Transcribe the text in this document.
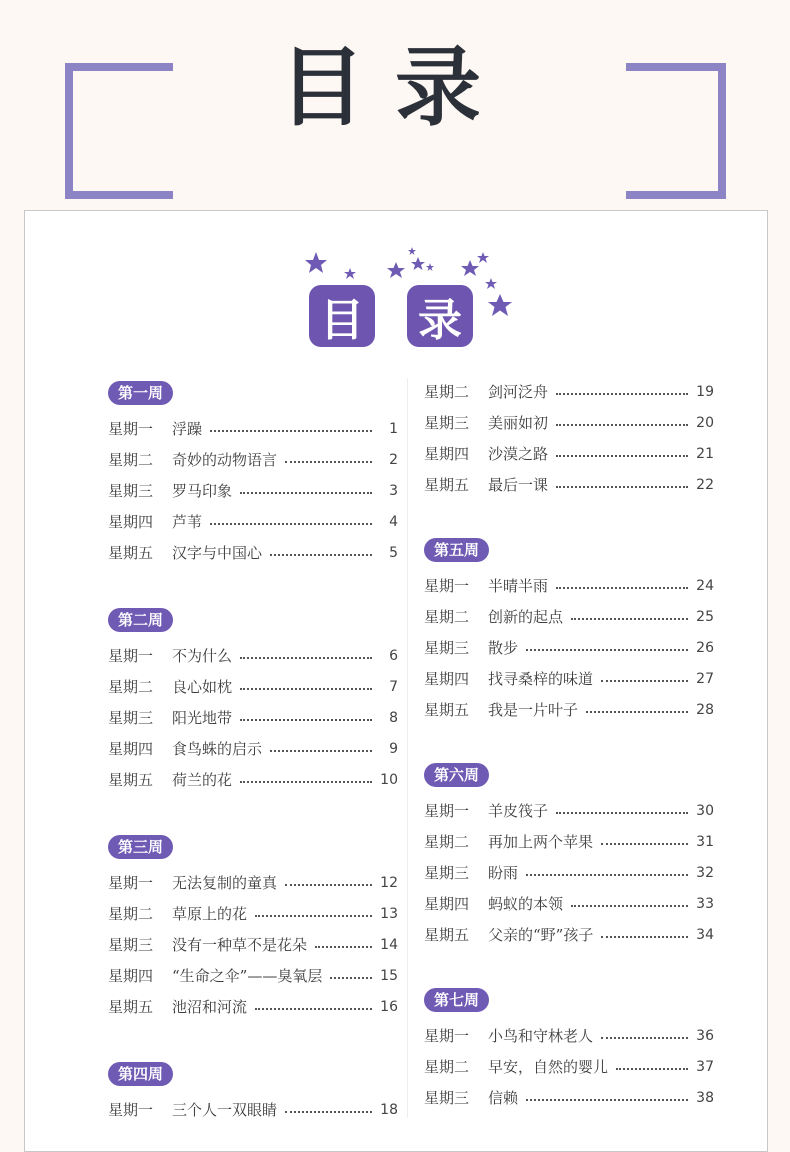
目录
目 录
第一周
星期一	浮躁	1
星期二	奇妙的动物语言	2
星期三	罗马印象	3
星期四	芦苇	4
星期五	汉字与中国心	5
第二周
星期一	不为什么	6
星期二	良心如枕	7
星期三	阳光地带	8
星期四	食鸟蛛的启示	9
星期五	荷兰的花	10
第三周
星期一	无法复制的童真	12
星期二	草原上的花	13
星期三	没有一种草不是花朵	14
星期四	“生命之伞”——臭氧层	15
星期五	池沼和河流	16
第四周
星期一	三个人一双眼睛	18
星期二	剑河泛舟	19
星期三	美丽如初	20
星期四	沙漠之路	21
星期五	最后一课	22
第五周
星期一	半晴半雨	24
星期二	创新的起点	25
星期三	散步	26
星期四	找寻桑梓的味道	27
星期五	我是一片叶子	28
第六周
星期一	羊皮筏子	30
星期二	再加上两个苹果	31
星期三	盼雨	32
星期四	蚂蚁的本领	33
星期五	父亲的“野”孩子	34
第七周
星期一	小鸟和守林老人	36
星期二	早安，自然的婴儿	37
星期三	信赖	38
